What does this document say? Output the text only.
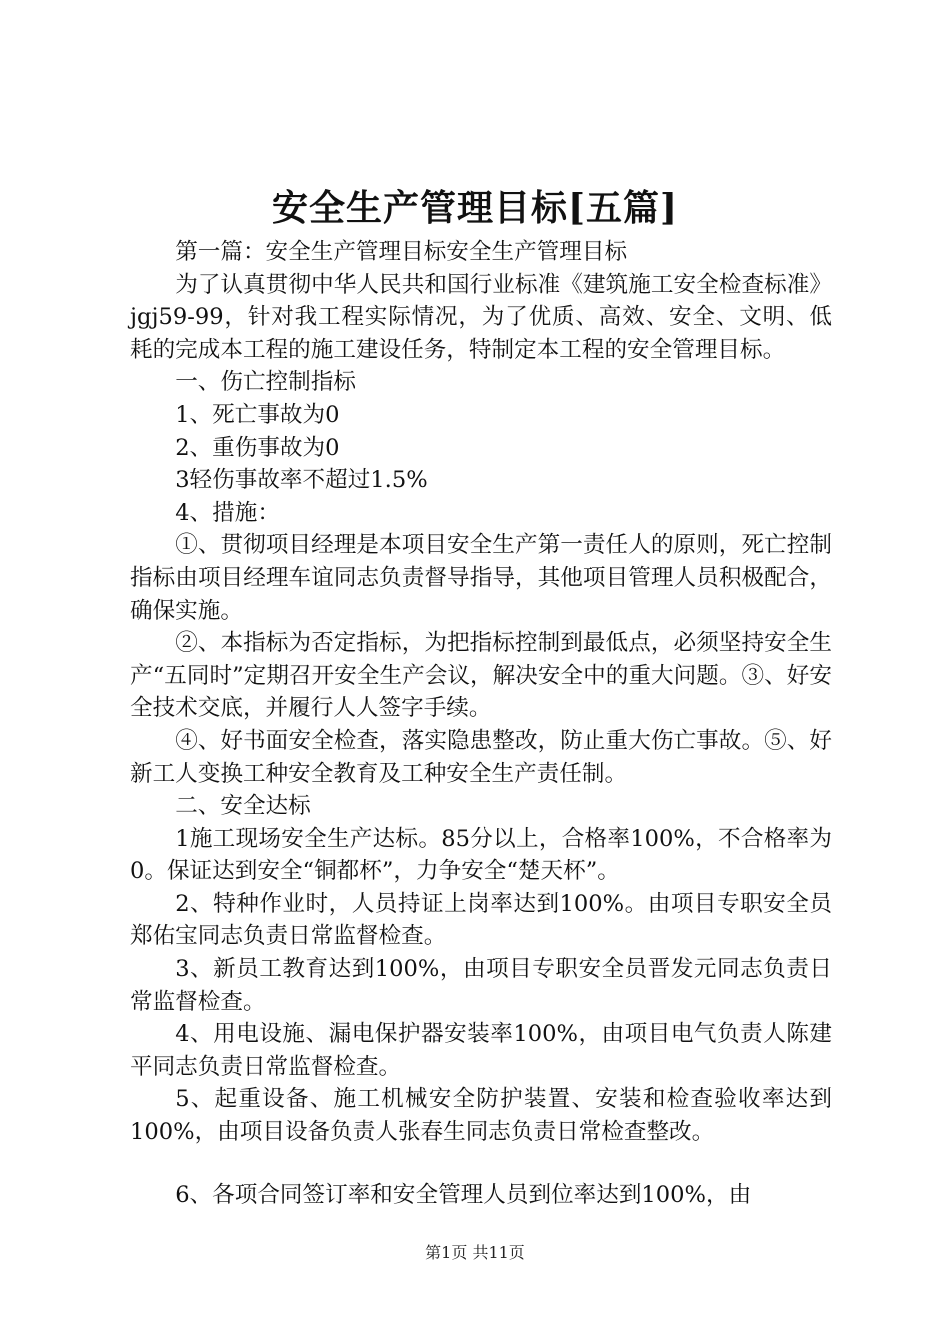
安全生产管理目标[五篇]

第一篇：安全生产管理目标安全生产管理目标

为了认真贯彻中华人民共和国行业标准《建筑施工安全检查标准》jgj59-99，针对我工程实际情况，为了优质、高效、安全、文明、低耗的完成本工程的施工建设任务，特制定本工程的安全管理目标。

一、伤亡控制指标

1、死亡事故为0

2、重伤事故为0

3轻伤事故率不超过1.5%

4、措施：

①、贯彻项目经理是本项目安全生产第一责任人的原则，死亡控制指标由项目经理车谊同志负责督导指导，其他项目管理人员积极配合，确保实施。

②、本指标为否定指标，为把指标控制到最低点，必须坚持安全生产“五同时”定期召开安全生产会议，解决安全中的重大问题。③、好安全技术交底，并履行人人签字手续。

④、好书面安全检查，落实隐患整改，防止重大伤亡事故。⑤、好新工人变换工种安全教育及工种安全生产责任制。

二、安全达标

1施工现场安全生产达标。85分以上，合格率100%，不合格率为0。保证达到安全“铜都杯”，力争安全“楚天杯”。

2、特种作业时，人员持证上岗率达到100%。由项目专职安全员郑佑宝同志负责日常监督检查。

3、新员工教育达到100%，由项目专职安全员晋发元同志负责日常监督检查。

4、用电设施、漏电保护器安装率100%，由项目电气负责人陈建平同志负责日常监督检查。

5、起重设备、施工机械安全防护装置、安装和检查验收率达到100%，由项目设备负责人张春生同志负责日常检查整改。

6、各项合同签订率和安全管理人员到位率达到100%，由

第1页 共11页
